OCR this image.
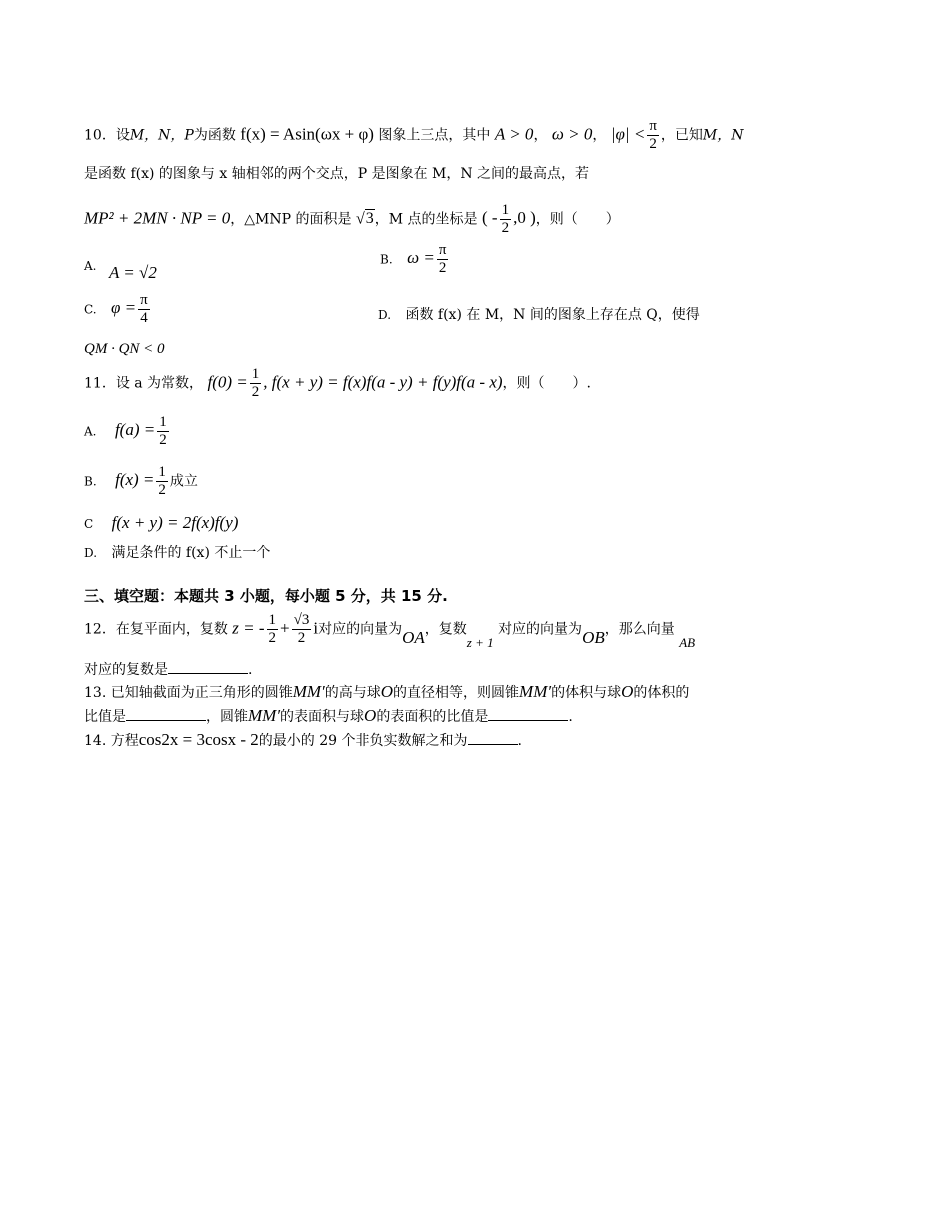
10．设M，N，P为函数 f(x) = Asin(ωx + φ) 图象上三点，其中 A > 0， ω > 0， $|\varphi| < \frac{\pi}{2}$ ，已知M，N
是函数 f(x) 的图象与 x 轴相邻的两个交点，P 是图象在 M，N 之间的最高点，若
MP² + 2MN · NP = 0，△MNP 的面积是 √3，M 点的坐标是 ( - $\frac{1}{2} ,0$ )，则（　　）
A. A = √2
B. $\omega = \frac{\pi}{2}$
C. $\varphi = \frac{\pi}{4}$	D. 函数 f(x) 在 M，N 间的图象上存在点 Q，使得
QM · QN < 0
11．设 a 为常数， $f(0) = \frac{1}{2}$ , f(x + y) = f(x)f(a - y) + f(y)f(a - x)，则（　　）.
A. $f(a) = \frac{1}{2}$
B. $f(x) = \frac{1}{2}$ 成立
C f(x + y) = 2f(x)f(y)
D. 满足条件的 f(x) 不止一个
三、填空题：本题共 3 小题，每小题 5 分，共 15 分.
12．在复平面内，复数 z = - $\frac{1}{2} + \frac{√3}{2}$ i对应的向量为OA，复数z + 1 对应的向量为OB，那么向量 AB
对应的复数是	.
13. 已知轴截面为正三角形的圆锥MM′的高与球O的直径相等，则圆锥MM′的体积与球O的体积的
比值是	，圆锥MM′的表面积与球O的表面积的比值是	.
14. 方程cos2x = 3cosx - 2的最小的 29 个非负实数解之和为	.
